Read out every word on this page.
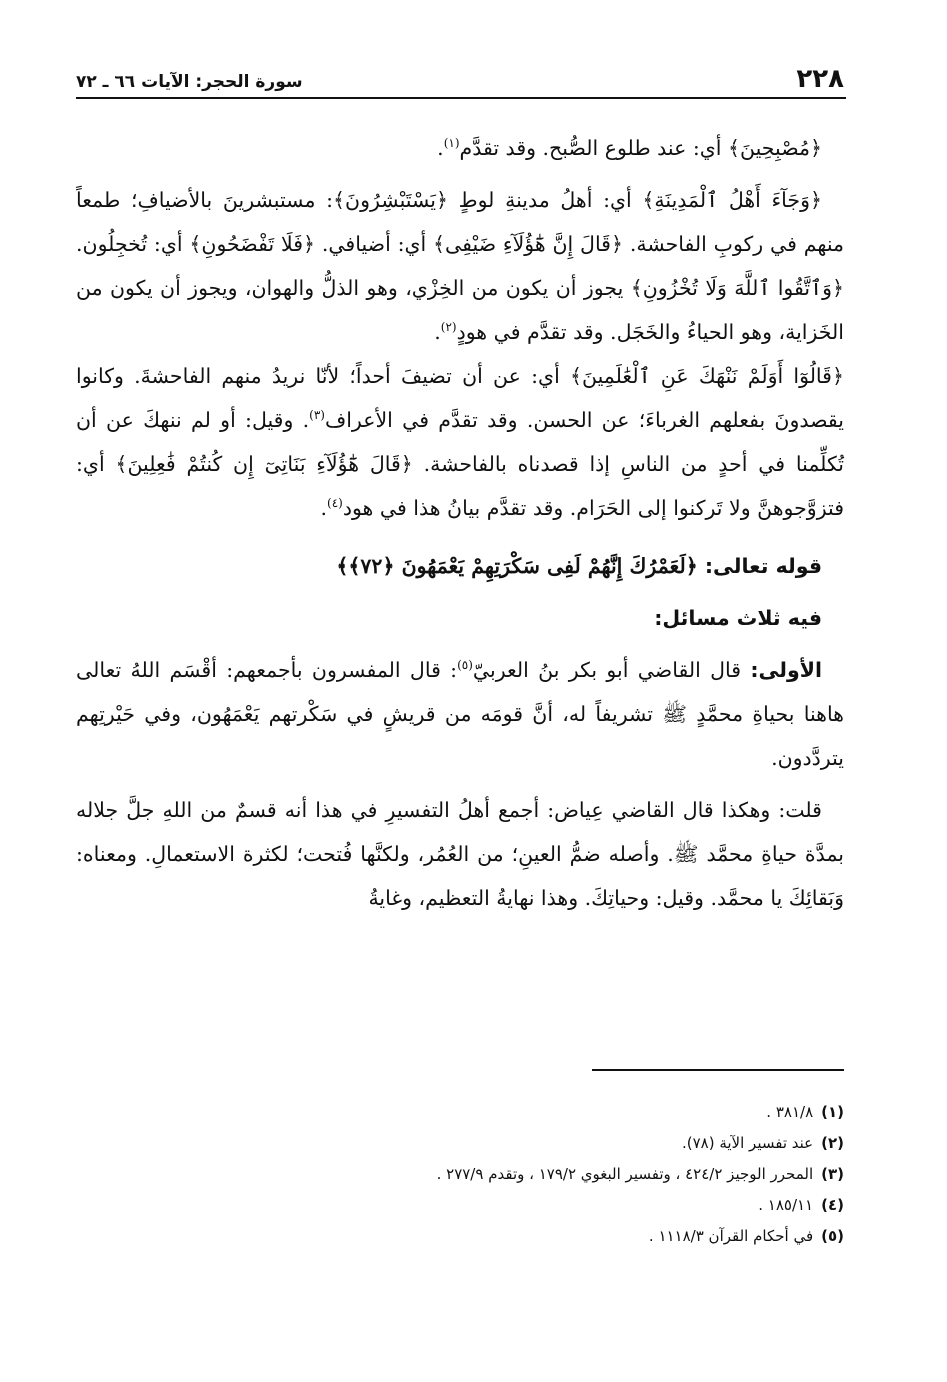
٢٢٨
سورة الحجر: الآيات ٦٦ ـ ٧٢

﴿مُصْبِحِينَ﴾ أي: عند طلوع الصُّبح. وقد تقدَّم$^{(١)}$.

﴿وَجَآءَ أَهْلُ ٱلْمَدِينَةِ﴾ أي: أهلُ مدينةِ لوطٍ ﴿يَسْتَبْشِرُونَ﴾: مستبشرينَ بالأضيافِ؛ طمعاً منهم في ركوبِ الفاحشة. ﴿قَالَ إِنَّ هَٰٓؤُلَآءِ ضَيْفِى﴾ أي: أضيافي. ﴿فَلَا تَفْضَحُونِ﴾ أي: تُخجِلُون. ﴿وَٱتَّقُوا ٱللَّهَ وَلَا تُخْزُونِ﴾ يجوز أن يكون من الخِزْي، وهو الذلُّ والهوان، ويجوز أن يكون من الخَزاية، وهو الحياءُ والخَجَل. وقد تقدَّم في هودٍ$^{(٢)}$.

﴿قَالُوٓا أَوَلَمْ نَنْهَكَ عَنِ ٱلْعَٰلَمِينَ﴾ أي: عن أن تضيفَ أحداً؛ لأنّا نريدُ منهم الفاحشةَ. وكانوا يقصدونَ بفعلهم الغرباءَ؛ عن الحسن. وقد تقدَّم في الأعراف$^{(٣)}$. وقيل: أو لم ننهكَ عن أن تُكلِّمنا في أحدٍ من الناسِ إذا قصدناه بالفاحشة. ﴿قَالَ هَٰٓؤُلَآءِ بَنَاتِىٓ إِن كُنتُمْ فَٰعِلِينَ﴾ أي: فتزوَّجوهنَّ ولا تَركنوا إلى الحَرَام. وقد تقدَّم بيانُ هذا في هود$^{(٤)}$.

قوله تعالى: ﴿لَعَمْرُكَ إِنَّهُمْ لَفِى سَكْرَتِهِمْ يَعْمَهُونَ ﴿٧٢﴾﴾

فيه ثلاث مسائل:

الأولى: قال القاضي أبو بكر بنُ العربيّ$^{(٥)}$: قال المفسرون بأجمعهم: أقْسَم اللهُ تعالى هاهنا بحياةِ محمَّدٍ ﷺ تشريفاً له، أنَّ قومَه من قريشٍ في سَكْرتهم يَعْمَهُون، وفي حَيْرتِهم يتردَّدون.

قلت: وهكذا قال القاضي عِياض: أجمع أهلُ التفسيرِ في هذا أنه قسمٌ من اللهِ جلَّ جلاله بمدَّة حياةِ محمَّد ﷺ. وأصله ضمُّ العينِ؛ من العُمُر، ولكنَّها فُتحت؛ لكثرة الاستعمالِ. ومعناه: وَبَقائِكَ يا محمَّد. وقيل: وحياتِكَ. وهذا نهايةُ التعظيم، وغايةُ

(١)٣٨١/٨ .
(٢)عند تفسير الآية (٧٨).
(٣)المحرر الوجيز ٤٢٤/٢ ، وتفسير البغوي ١٧٩/٢ ، وتقدم ٢٧٧/٩ .
(٤)١٨٥/١١ .
(٥)في أحكام القرآن ١١١٨/٣ .
